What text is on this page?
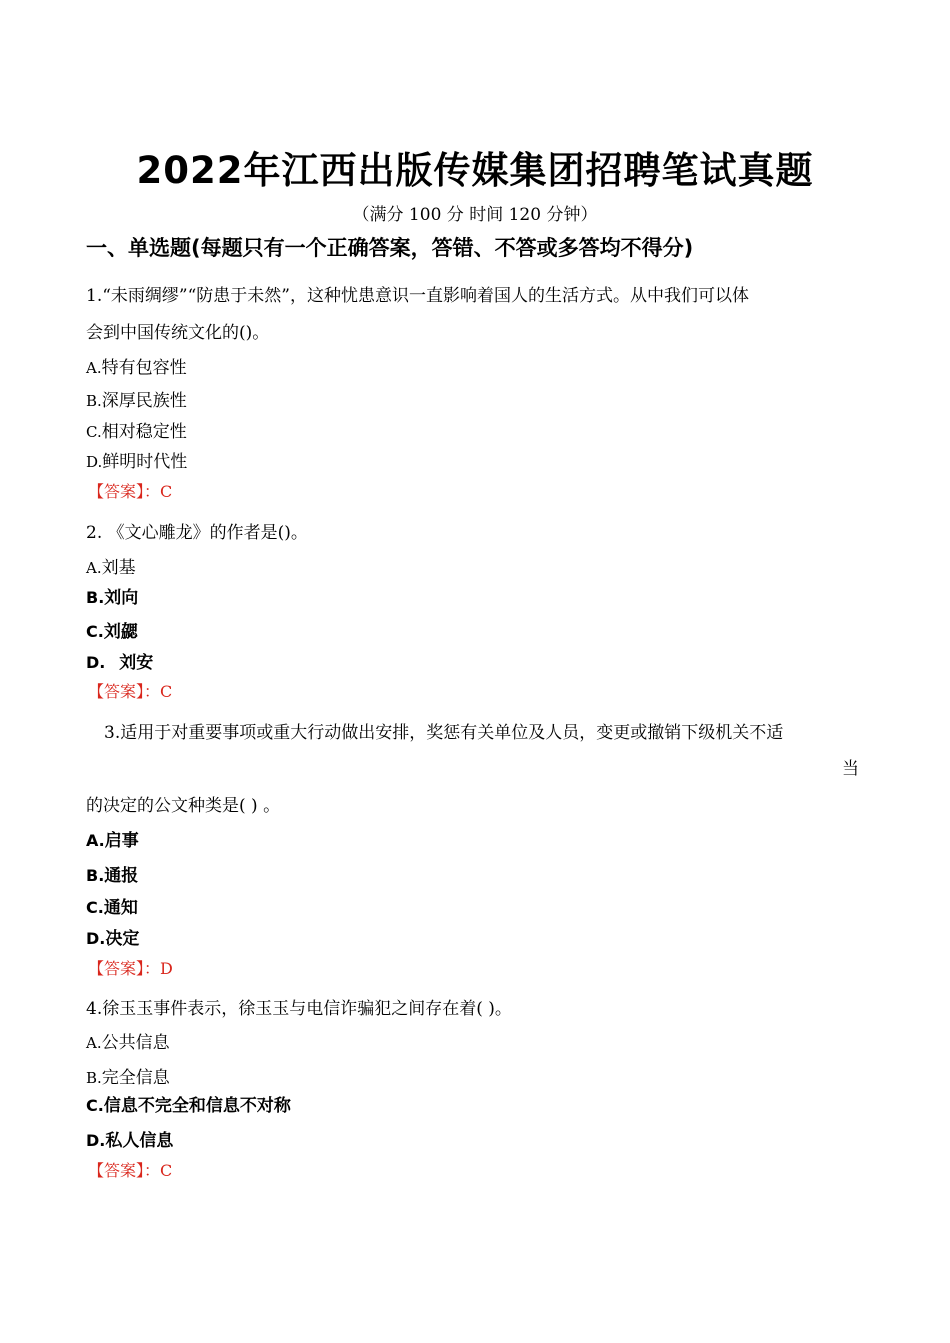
2022年江西出版传媒集团招聘笔试真题
（满分 100 分 时间 120 分钟）
一、单选题(每题只有一个正确答案，答错、不答或多答均不得分)
1.“未雨绸缪”“防患于未然”，这种忧患意识一直影响着国人的生活方式。从中我们可以体
会到中国传统文化的()。
A.特有包容性
B.深厚民族性
C.相对稳定性
D.鲜明时代性
【答案】：C
2. 《文心雕龙》的作者是()。
A.刘基
B.刘向
C.刘勰
D. 刘安
【答案】：C
3.适用于对重要事项或重大行动做出安排，奖惩有关单位及人员，变更或撤销下级机关不适
当
的决定的公文种类是( ) 。
A.启事
B.通报
C.通知
D.决定
【答案】：D
4.徐玉玉事件表示，徐玉玉与电信诈骗犯之间存在着( )。
A.公共信息
B.完全信息
C.信息不完全和信息不对称
D.私人信息
【答案】：C
